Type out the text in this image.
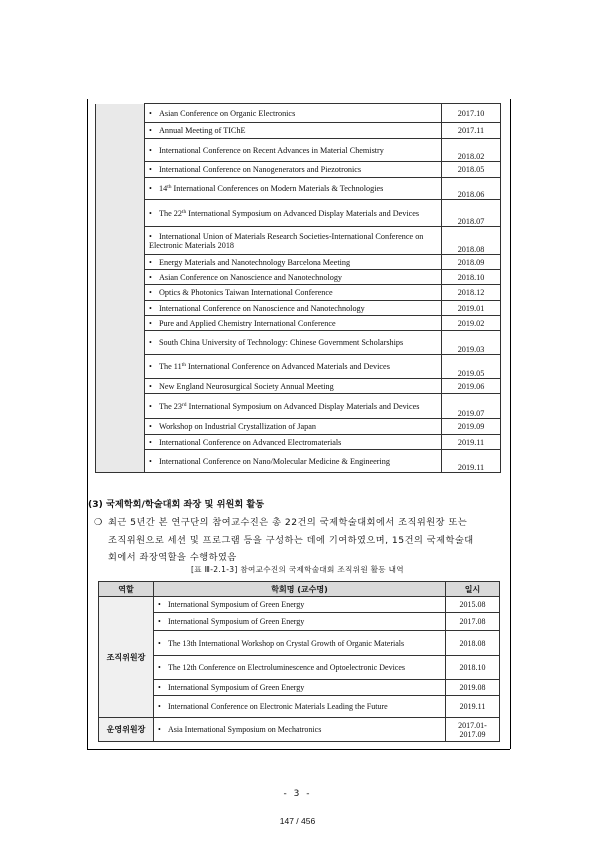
	• Asian Conference on Organic Electronics	2017.10
	• Annual Meeting of TIChE	2017.11
	• International Conference on Recent Advances in Material Chemistry	2018.02
	• International Conference on Nanogenerators and Piezotronics	2018.05
	• 14th International Conferences on Modern Materials & Technologies	2018.06
	• The 22th International Symposium on Advanced Display Materials and Devices	2018.07
	• International Union of Materials Research Societies-International Conference on Electronic Materials 2018	2018.08
	• Energy Materials and Nanotechnology Barcelona Meeting	2018.09
	• Asian Conference on Nanoscience and Nanotechnology	2018.10
	• Optics & Photonics Taiwan International Conference	2018.12
	• International Conference on Nanoscience and Nanotechnology	2019.01
	• Pure and Applied Chemistry International Conference	2019.02
	• South China University of Technology: Chinese Government Scholarships	2019.03
	• The 11th International Conference on Advanced Materials and Devices	2019.05
	• New England Neurosurgical Society Annual Meeting	2019.06
	• The 23rd International Symposium on Advanced Display Materials and Devices	2019.07
	• Workshop on Industrial Crystallization of Japan	2019.09
	• International Conference on Advanced Electromaterials	2019.11
	• International Conference on Nano/Molecular Medicine & Engineering	2019.11
(3) 국제학회/학술대회 좌장 및 위원회 활동
❍ 최근 5년간 본 연구단의 참여교수진은 총 22건의 국제학술대회에서 조직위원장 또는
조직위원으로 세션 및 프로그램 등을 구성하는 데에 기여하였으며, 15건의 국제학술대
회에서 좌장역할을 수행하였음
[표 Ⅲ-2.1-3] 참여교수진의 국제학술대회 조직위원 활동 내역
역할	학회명 (교수명)	일시
조직위원장	• International Symposium of Green Energy	2015.08
	• International Symposium of Green Energy	2017.08
	• The 13th International Workshop on Crystal Growth of Organic Materials	2018.08
	• The 12th Conference on Electroluminescence and Optoelectronic Devices	2018.10
	• International Symposium of Green Energy	2019.08
	• International Conference on Electronic Materials Leading the Future	2019.11
운영위원장	• Asia International Symposium on Mechatronics	2017.01-
2017.09
- 3 -
147 / 456
